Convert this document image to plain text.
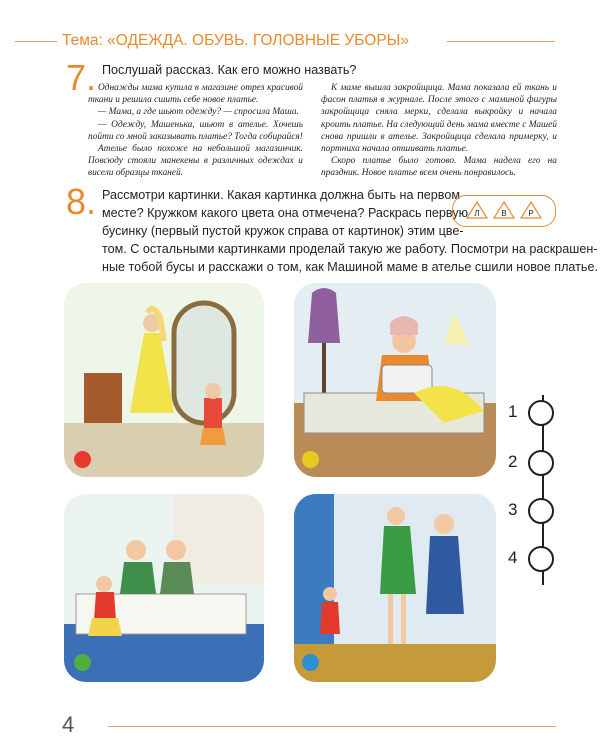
Тема: «ОДЕЖДА. ОБУВЬ. ГОЛОВНЫЕ УБОРЫ»
7. Послушай рассказ. Как его можно назвать?

Однажды мама купила в магазине отрез красивой ткани и решила сшить себе новое платье.

— Мама, а где шьют одежду? — спросила Маша.

— Одежду, Машенька, шьют в ателье. Хочешь пойти со мной заказывать платье? Тогда собирайся!

Ателье было похоже на небольшой магазинчик. Повсюду стояли манекены в различных одеждах и висели образцы тканей.

К маме вышла закройщица. Мама показала ей ткань и фасон платья в журнале. После этого с маминой фигуры закройщица сняла мерки, сделала выкройку и начала кроить платье. На следующий день мама вместе с Машей снова пришли в ателье. Закройщица сделала примерку, и портниха начала отшивать платье.

Скоро платье было готово. Мама надела его на праздник. Новое платье всем очень понравилось.

8. Рассмотри картинки. Какая картинка должна быть на первом
месте? Кружком какого цвета она отмечена? Раскрась первую
бусинку (первый пустой кружок справа от картинок) этим цве-
том. С остальными картинками проделай такую же работу. Посмотри на раскрашен-
ные тобой бусы и расскажи о том, как Машиной маме в ателье сшили новое платье.
Л	В	Р
1
2
3
4
4
